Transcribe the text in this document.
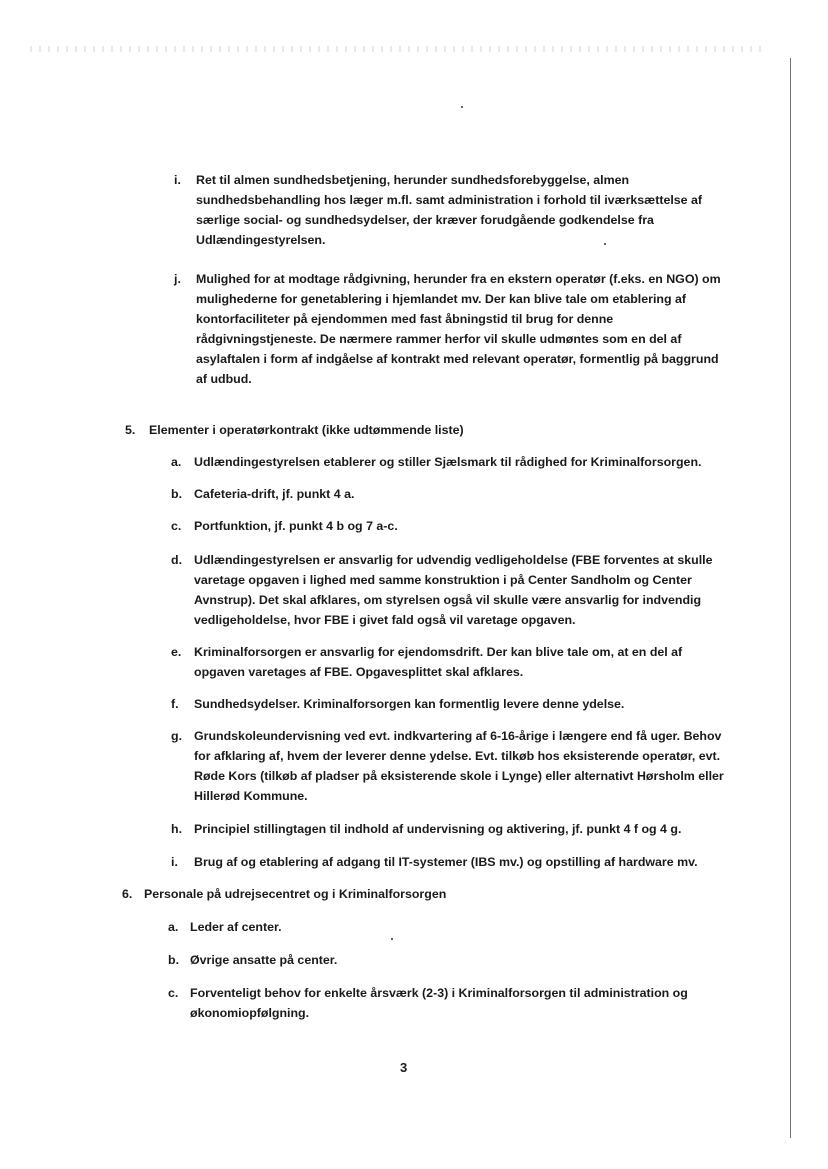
i. Ret til almen sundhedsbetjening, herunder sundhedsforebyggelse, almen sundhedsbehandling hos læger m.fl. samt administration i forhold til iværksættelse af særlige social- og sundhedsydelser, der kræver forudgående godkendelse fra Udlændingestyrelsen.
j. Mulighed for at modtage rådgivning, herunder fra en ekstern operatør (f.eks. en NGO) om mulighederne for genetablering i hjemlandet mv. Der kan blive tale om etablering af kontorfaciliteter på ejendommen med fast åbningstid til brug for denne rådgivningstjeneste. De nærmere rammer herfor vil skulle udmøntes som en del af asylaftalen i form af indgåelse af kontrakt med relevant operatør, formentlig på baggrund af udbud.
5. Elementer i operatørkontrakt (ikke udtømmende liste)
a. Udlændingestyrelsen etablerer og stiller Sjælsmark til rådighed for Kriminalforsorgen.
b. Cafeteria-drift, jf. punkt 4 a.
c. Portfunktion, jf. punkt 4 b og 7 a-c.
d. Udlændingestyrelsen er ansvarlig for udvendig vedligeholdelse (FBE forventes at skulle varetage opgaven i lighed med samme konstruktion i på Center Sandholm og Center Avnstrup). Det skal afklares, om styrelsen også vil skulle være ansvarlig for indvendig vedligeholdelse, hvor FBE i givet fald også vil varetage opgaven.
e. Kriminalforsorgen er ansvarlig for ejendomsdrift. Der kan blive tale om, at en del af opgaven varetages af FBE. Opgavesplittet skal afklares.
f. Sundhedsydelser. Kriminalforsorgen kan formentlig levere denne ydelse.
g. Grundskoleundervisning ved evt. indkvartering af 6-16-årige i længere end få uger. Behov for afklaring af, hvem der leverer denne ydelse. Evt. tilkøb hos eksisterende operatør, evt. Røde Kors (tilkøb af pladser på eksisterende skole i Lynge) eller alternativt Hørsholm eller Hillerød Kommune.
h. Principiel stillingtagen til indhold af undervisning og aktivering, jf. punkt 4 f og 4 g.
i. Brug af og etablering af adgang til IT-systemer (IBS mv.) og opstilling af hardware mv.
6. Personale på udrejsecentret og i Kriminalforsorgen
a. Leder af center.
b. Øvrige ansatte på center.
c. Forventeligt behov for enkelte årsværk (2-3) i Kriminalforsorgen til administration og økonomiopfølgning.
3
